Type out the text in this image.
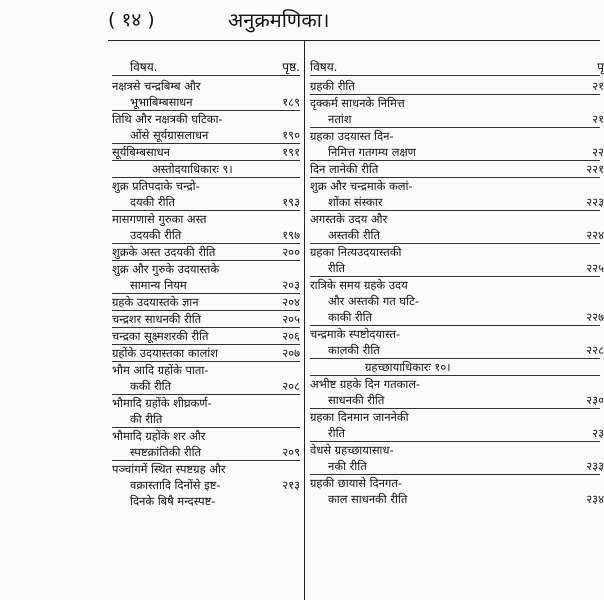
( १४ )	अनुक्रमणिका।
विषय.	पृष्ठ.
नक्षत्रसे चन्द्रबिम्ब और
भूभाबिम्बसाधन	१८९
तिथि और नक्षत्रकी घटिका-
ओंसे सूर्यग्रासलाधन	१९०
सूर्यबिम्बसाधन	१९१
अस्तोदयाधिकारः ९।
शुक्र प्रतिपदाके चन्द्रो-
दयकी रीति	१९३
मासगणासे गुरुका अस्त
उदयकी रीति	१९७
शुक्रके अस्त उदयकी रीति	२००
शुक्र और गुरुके उदयास्तके
सामान्य नियम	२०३
ग्रहके उदयास्तके ज्ञान	२०४
चन्द्रशर साधनकी रीति	२०५
चन्द्रका सूक्ष्मशरकी रीति	२०६
ग्रहोंके उदयास्तका कालांश	२०७
भौम आदि ग्रहोंके पाता-
ककी रीति	२०८
भौमादि ग्रहोंके शीघ्रकर्ण-
की रीति
भौमादि ग्रहोंके शर और
स्पष्टक्रांतिकी रीति	२०९
पञ्चांगमें स्थित स्पष्टग्रह और
वक्रास्तादि दिनोंसे इष्ट-
दिनके बिषै मन्दस्पष्ट-
२१३
विषय.	पृ
ग्रहकी रीति	२१
दृक्कर्म साधनके निमित्त
नतांश	२१
ग्रहका उदयास्त दिन-
निमित्त गतगम्य लक्षण	२२
दिन लानेकी रीति	२२१
शुक्र और चन्द्रमाके कलां-
शोंका संस्कार	२२३
अगस्तके उदय और
अस्तकी रीति	२२४
ग्रहका नित्यउदयास्तकी
रीति	२२५
रात्रिके समय ग्रहके उदय
और अस्तकी गत घटि-
काकी रीति	२२७
चन्द्रमाके स्पष्टोदयास्त-
कालकी रीति	२२८
ग्रहच्छायाधिकारः १०।
अभीष्ट ग्रहके दिन गतकाल-
साधनकी रीति	२३०
ग्रहका दिनमान जाननेकी
रीति	२३
वेधसे ग्रहच्छायासाध-
नकी रीति	२३३
ग्रहकी छायासे दिनगत-
काल साधनकी रीति	२३४
